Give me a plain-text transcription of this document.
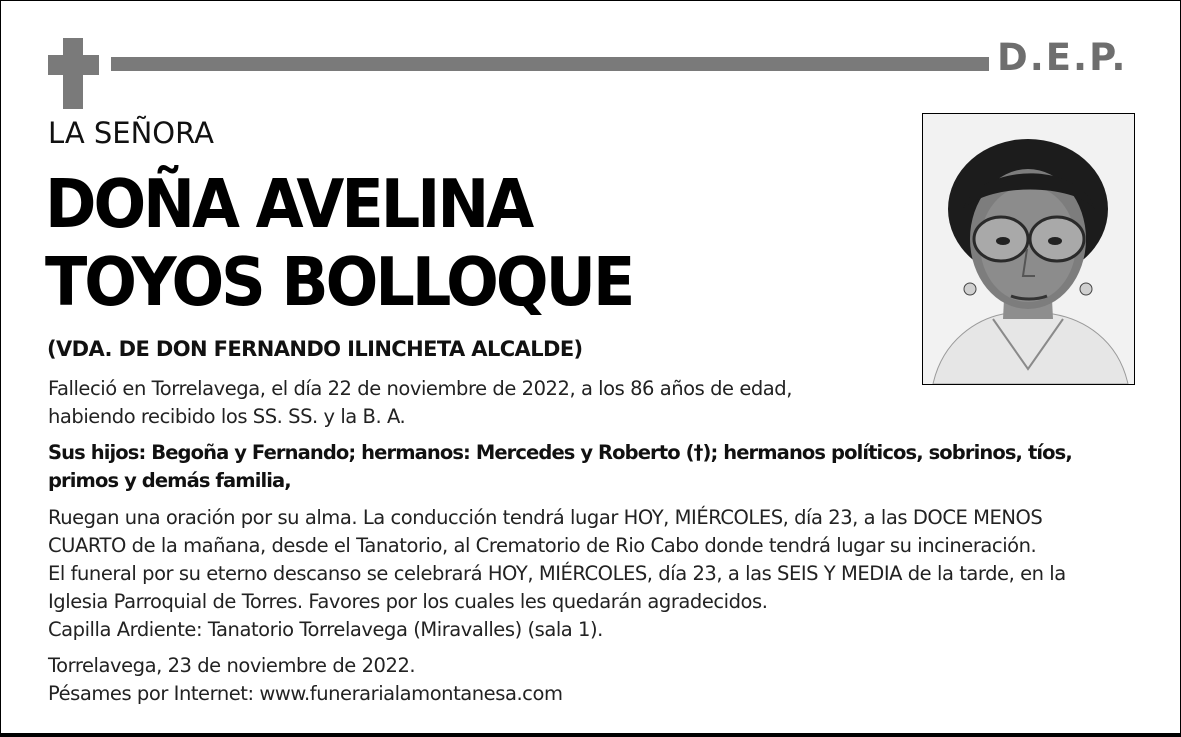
D.E.P.
LA SEÑORA
DOÑA AVELINA
TOYOS BOLLOQUE
(VDA. DE DON FERNANDO ILINCHETA ALCALDE)
Falleció en Torrelavega, el día 22 de noviembre de 2022, a los 86 años de edad,
habiendo recibido los SS. SS. y la B. A.
Sus hijos: Begoña y Fernando; hermanos: Mercedes y Roberto (†); hermanos políticos, sobrinos, tíos,
primos y demás familia,
Ruegan una oración por su alma. La conducción tendrá lugar HOY, MIÉRCOLES, día 23, a las DOCE MENOS
CUARTO de la mañana, desde el Tanatorio, al Crematorio de Rio Cabo donde tendrá lugar su incineración.
El funeral por su eterno descanso se celebrará HOY, MIÉRCOLES, día 23, a las SEIS Y MEDIA de la tarde, en la
Iglesia Parroquial de Torres. Favores por los cuales les quedarán agradecidos.
Capilla Ardiente: Tanatorio Torrelavega (Miravalles) (sala 1).
Torrelavega, 23 de noviembre de 2022.
Pésames por Internet: www.funerarialamontanesa.com
